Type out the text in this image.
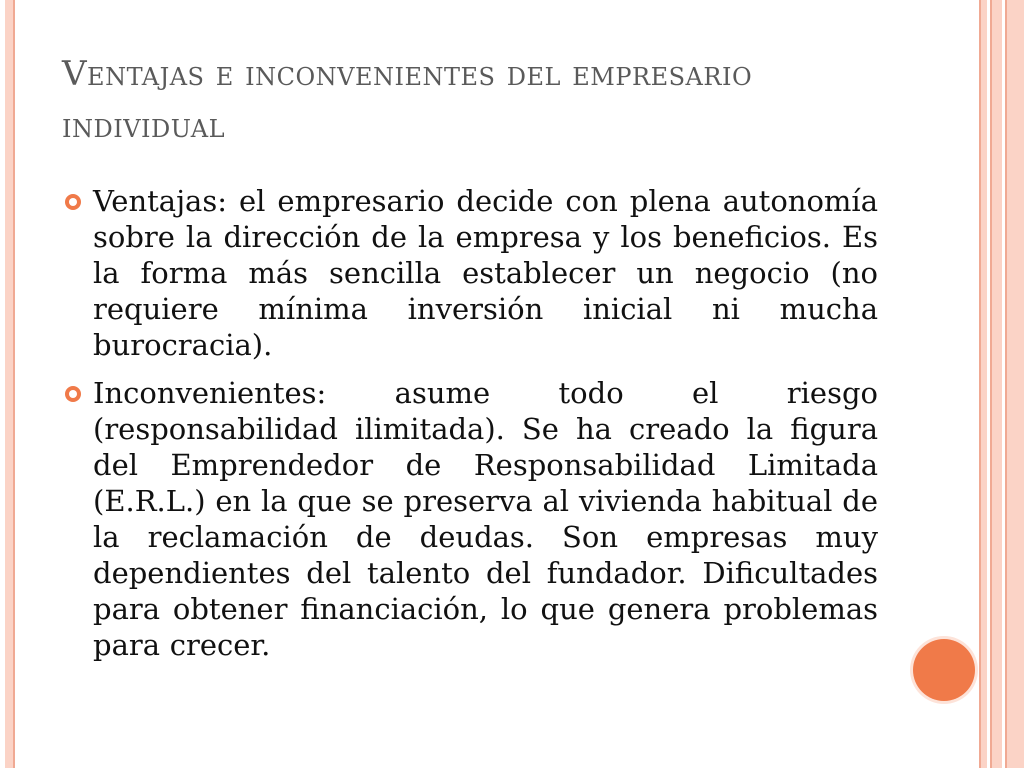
Ventajas e inconvenientes del empresario individual
Ventajas: el empresario decide con plena autonomía sobre la dirección de la empresa y los beneficios. Es la forma más sencilla establecer un negocio (no requiere mínima inversión inicial ni mucha burocracia).
Inconvenientes: asume todo el riesgo (responsabilidad ilimitada). Se ha creado la figura del Emprendedor de Responsabilidad Limitada (E.R.L.) en la que se preserva al vivienda habitual de la reclamación de deudas. Son empresas muy dependientes del talento del fundador. Dificultades para obtener financiación, lo que genera problemas para crecer.
